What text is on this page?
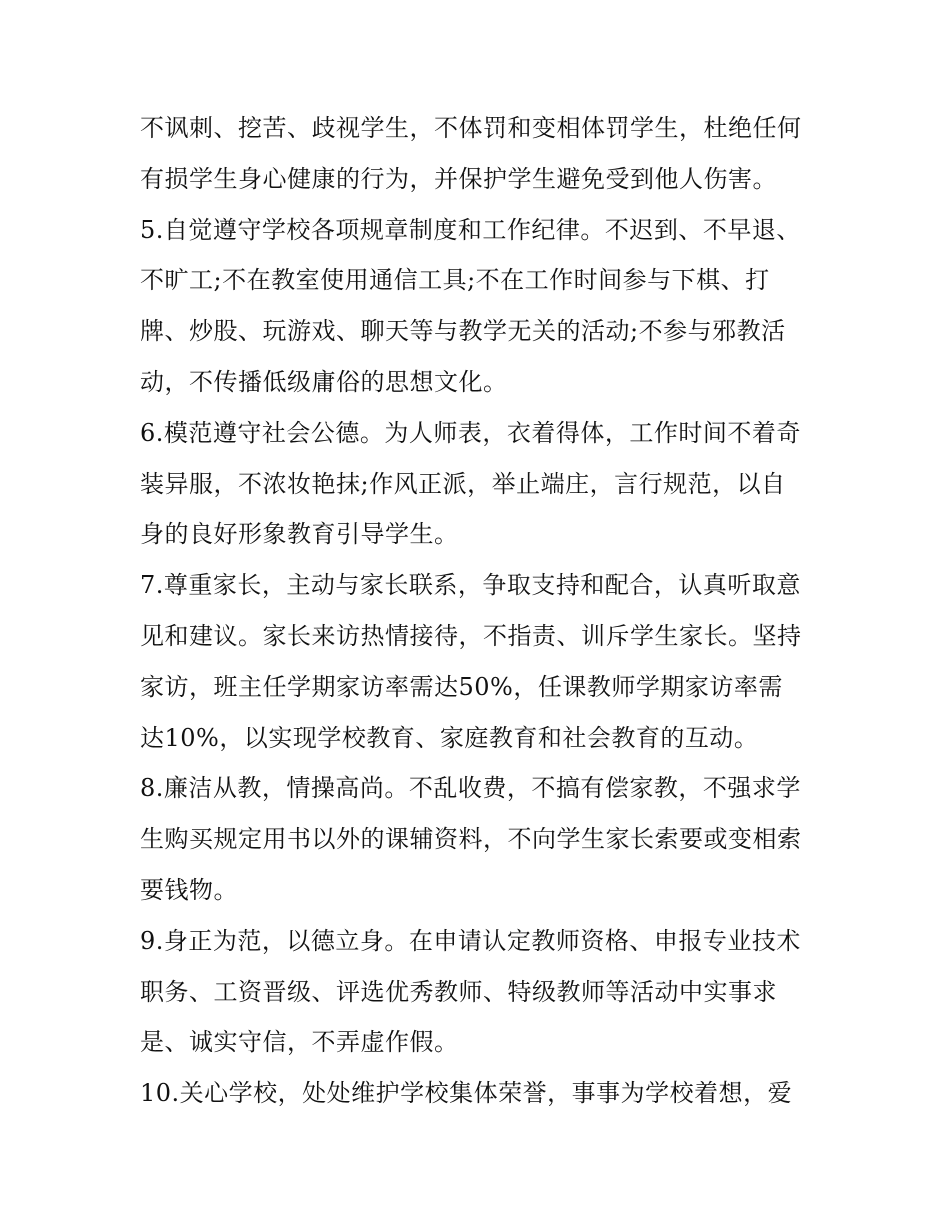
不讽刺、挖苦、歧视学生，不体罚和变相体罚学生，杜绝任何
有损学生身心健康的行为，并保护学生避免受到他人伤害。
5.自觉遵守学校各项规章制度和工作纪律。不迟到、不早退、
不旷工;不在教室使用通信工具;不在工作时间参与下棋、打
牌、炒股、玩游戏、聊天等与教学无关的活动;不参与邪教活
动，不传播低级庸俗的思想文化。
6.模范遵守社会公德。为人师表，衣着得体，工作时间不着奇
装异服，不浓妆艳抹;作风正派，举止端庄，言行规范，以自
身的良好形象教育引导学生。
7.尊重家长，主动与家长联系，争取支持和配合，认真听取意
见和建议。家长来访热情接待，不指责、训斥学生家长。坚持
家访，班主任学期家访率需达50%，任课教师学期家访率需
达10%，以实现学校教育、家庭教育和社会教育的互动。
8.廉洁从教，情操高尚。不乱收费，不搞有偿家教，不强求学
生购买规定用书以外的课辅资料，不向学生家长索要或变相索
要钱物。
9.身正为范，以德立身。在申请认定教师资格、申报专业技术
职务、工资晋级、评选优秀教师、特级教师等活动中实事求
是、诚实守信，不弄虚作假。
10.关心学校，处处维护学校集体荣誉，事事为学校着想，爱
